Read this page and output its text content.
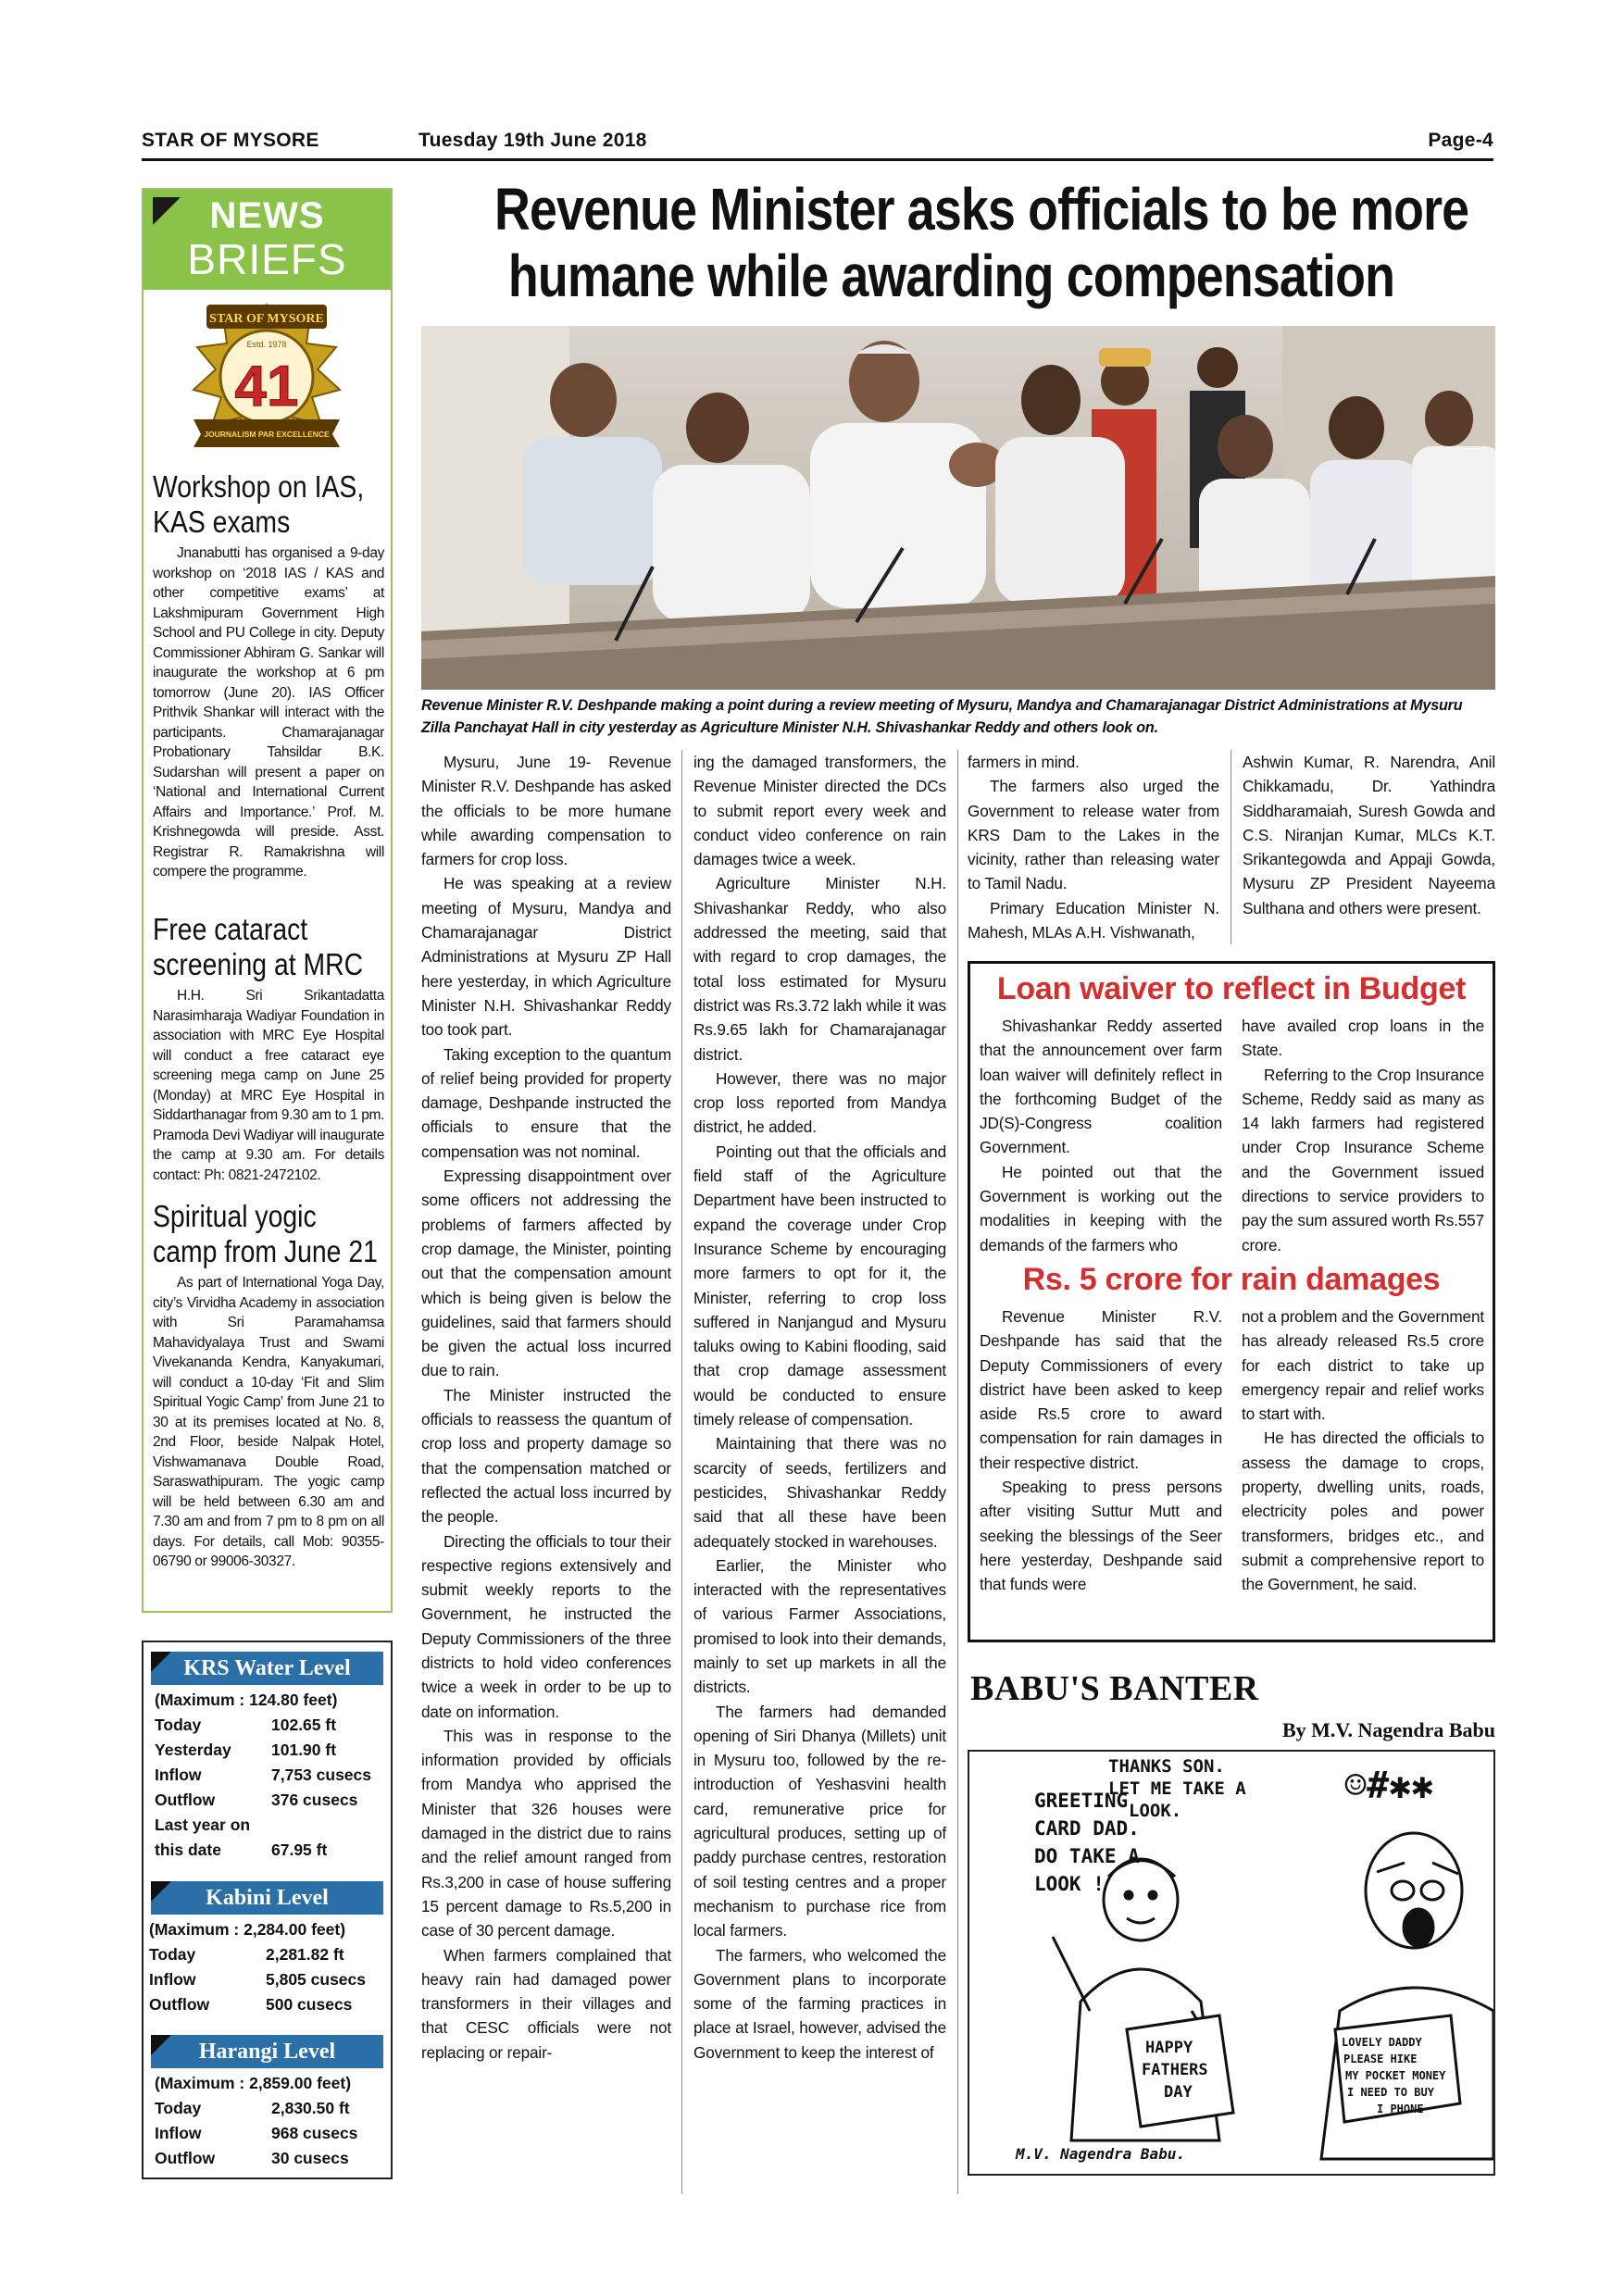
STAR OF MYSORE	Tuesday 19th June 2018	Page-4
NEWS
BRIEFS
STAR OF MYSORE
Estd. 1978
41
JOURNALISM PAR EXCELLENCE
Workshop on IAS, KAS exams

Jnanabutti has organised a 9-day workshop on ‘2018 IAS / KAS and other competitive exams’ at Lakshmipuram Government High School and PU College in city. Deputy Commissioner Abhiram G. Sankar will inaugurate the workshop at 6 pm tomorrow (June 20). IAS Officer Prithvik Shankar will interact with the participants. Chamarajanagar Probationary Tahsildar B.K. Sudarshan will present a paper on ‘National and International Current Affairs and Importance.’ Prof. M. Krishnegowda will preside. Asst. Registrar R. Ramakrishna will compere the programme.

Free cataract screening at MRC

H.H. Sri Srikantadatta Narasimharaja Wadiyar Foundation in association with MRC Eye Hospital will conduct a free cataract eye screening mega camp on June 25 (Monday) at MRC Eye Hospital in Siddarthanagar from 9.30 am to 1 pm. Pramoda Devi Wadiyar will inaugurate the camp at 9.30 am. For details contact: Ph: 0821-2472102.

Spiritual yogic camp from June 21

As part of International Yoga Day, city’s Virvidha Academy in association with Sri Paramahamsa Mahavidyalaya Trust and Swami Vivekananda Kendra, Kanyakumari, will conduct a 10-day ‘Fit and Slim Spiritual Yogic Camp’ from June 21 to 30 at its premises located at No. 8, 2nd Floor, beside Nalpak Hotel, Vishwamanava Double Road, Saraswathipuram. The yogic camp will be held between 6.30 am and 7.30 am and from 7 pm to 8 pm on all days. For details, call Mob: 90355-06790 or 99006-30327.

KRS Water Level
(Maximum : 124.80 feet)
Today	102.65 ft
Yesterday 101.90 ft
Inflow	7,753 cusecs
Outflow	376 cusecs
Last year on
this date	67.95 ft
Kabini Level
(Maximum : 2,284.00 feet)
Today	2,281.82 ft
Inflow	5,805 cusecs
Outflow	500 cusecs
Harangi Level
(Maximum : 2,859.00 feet)
Today	2,830.50 ft
Inflow	968 cusecs
Outflow	30 cusecs
Revenue Minister asks officials to be more
humane while awarding compensation
Revenue Minister R.V. Deshpande making a point during a review meeting of Mysuru, Mandya and Chamarajanagar District Administrations at Mysuru Zilla Panchayat Hall in city yesterday as Agriculture Minister N.H. Shivashankar Reddy and others look on.

Mysuru, June 19- Revenue Minister R.V. Deshpande has asked the officials to be more humane while awarding compensation to farmers for crop loss.

He was speaking at a review meeting of Mysuru, Mandya and Chamarajanagar District Administrations at Mysuru ZP Hall here yesterday, in which Agriculture Minister N.H. Shivashankar Reddy too took part.

Taking exception to the quantum of relief being provided for property damage, Deshpande instructed the officials to ensure that the compensation was not nominal.

Expressing disappointment over some officers not addressing the problems of farmers affected by crop damage, the Minister, pointing out that the compensation amount which is being given is below the guidelines, said that farmers should be given the actual loss incurred due to rain.

The Minister instructed the officials to reassess the quantum of crop loss and property damage so that the compensation matched or reflected the actual loss incurred by the people.

Directing the officials to tour their respective regions extensively and submit weekly reports to the Government, he instructed the Deputy Commissioners of the three districts to hold video conferences twice a week in order to be up to date on information.

This was in response to the information provided by officials from Mandya who apprised the Minister that 326 houses were damaged in the district due to rains and the relief amount ranged from Rs.3,200 in case of house suffering 15 percent damage to Rs.5,200 in case of 30 percent damage.

When farmers complained that heavy rain had damaged power transformers in their villages and that CESC officials were not replacing or repair-

ing the damaged transformers, the Revenue Minister directed the DCs to submit report every week and conduct video conference on rain damages twice a week.

Agriculture Minister N.H. Shivashankar Reddy, who also addressed the meeting, said that with regard to crop damages, the total loss estimated for Mysuru district was Rs.3.72 lakh while it was Rs.9.65 lakh for Chamarajanagar district.

However, there was no major crop loss reported from Mandya district, he added.

Pointing out that the officials and field staff of the Agriculture Department have been instructed to expand the coverage under Crop Insurance Scheme by encouraging more farmers to opt for it, the Minister, referring to crop loss suffered in Nanjangud and Mysuru taluks owing to Kabini flooding, said that crop damage assessment would be conducted to ensure timely release of compensation.

Maintaining that there was no scarcity of seeds, fertilizers and pesticides, Shivashankar Reddy said that all these have been adequately stocked in warehouses.

Earlier, the Minister who interacted with the representatives of various Farmer Associations, promised to look into their demands, mainly to set up markets in all the districts.

The farmers had demanded opening of Siri Dhanya (Millets) unit in Mysuru too, followed by the re-introduction of Yeshasvini health card, remunerative price for agricultural produces, setting up of paddy purchase centres, restoration of soil testing centres and a proper mechanism to purchase rice from local farmers.

The farmers, who welcomed the Government plans to incorporate some of the farming practices in place at Israel, however, advised the Government to keep the interest of

farmers in mind.

The farmers also urged the Government to release water from KRS Dam to the Lakes in the vicinity, rather than releasing water to Tamil Nadu.

Primary Education Minister N. Mahesh, MLAs A.H. Vishwanath,

Ashwin Kumar, R. Narendra, Anil Chikkamadu, Dr. Yathindra Siddharamaiah, Suresh Gowda and C.S. Niranjan Kumar, MLCs K.T. Srikantegowda and Appaji Gowda, Mysuru ZP President Nayeema Sulthana and others were present.

Loan waiver to reflect in Budget

Shivashankar Reddy asserted that the announcement over farm loan waiver will definitely reflect in the forthcoming Budget of the JD(S)-Congress coalition Government.

He pointed out that the Government is working out the modalities in keeping with the demands of the farmers who

have availed crop loans in the State.

Referring to the Crop Insurance Scheme, Reddy said as many as 14 lakh farmers had registered under Crop Insurance Scheme and the Government issued directions to service providers to pay the sum assured worth Rs.557 crore.

Rs. 5 crore for rain damages

Revenue Minister R.V. Deshpande has said that the Deputy Commissioners of every district have been asked to keep aside Rs.5 crore to award compensation for rain damages in their respective district.

Speaking to press persons after visiting Suttur Mutt and seeking the blessings of the Seer here yesterday, Deshpande said that funds were

not a problem and the Government has already released Rs.5 crore for each district to take up emergency repair and relief works to start with.

He has directed the officials to assess the damage to crops, property, dwelling units, roads, electricity poles and power transformers, bridges etc., and submit a comprehensive report to the Government, he said.

BABU'S BANTER
By M.V. Nagendra Babu
GREETING
CARD DAD.
DO TAKE A
LOOK !
THANKS SON.
LET ME TAKE A
LOOK.
☺#✱✱
HAPPY
FATHERS
DAY
LOVELY DADDY
PLEASE HIKE
MY POCKET MONEY
I NEED TO BUY
I PHONE
M.V. Nagendra Babu.
